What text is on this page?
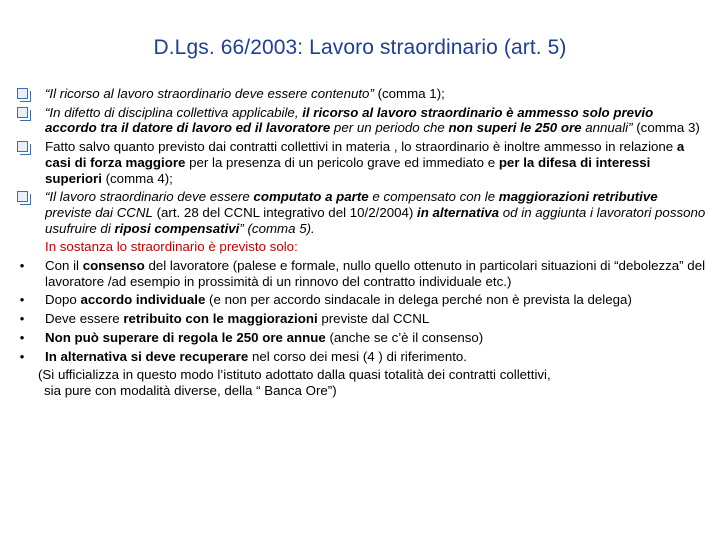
D.Lgs. 66/2003: Lavoro straordinario (art. 5)

“Il ricorso al lavoro straordinario deve essere contenuto” (comma 1);

“In difetto di disciplina collettiva applicabile, il ricorso al lavoro straordinario è ammesso solo previo accordo tra il datore di lavoro ed il lavoratore per un periodo che non superi le 250 ore annuali” (comma 3)

Fatto salvo quanto previsto dai contratti collettivi in materia , lo straordinario è inoltre ammesso in relazione a casi di forza maggiore per la presenza di un pericolo grave ed immediato e per la difesa di interessi superiori (comma 4);

“Il lavoro straordinario deve essere computato a parte e compensato con le maggiorazioni retributive previste dai CCNL (art. 28 del CCNL integrativo del 10/2/2004) in alternativa od in aggiunta i lavoratori possono usufruire di riposi compensativi” (comma 5).

In sostanza lo straordinario è previsto solo:

• Con il consenso del lavoratore (palese e formale, nullo quello ottenuto in particolari situazioni di “debolezza” del lavoratore /ad esempio in prossimità di un rinnovo del contratto individuale etc.)

• Dopo accordo individuale (e non per accordo sindacale in delega perché non è prevista la delega)

• Deve essere retribuito con le maggiorazioni previste dal CCNL

• Non può superare di regola le 250 ore annue (anche se c’è il consenso)

• In alternativa si deve recuperare nel corso dei mesi (4 ) di riferimento.

(Si ufficializza in questo modo l’istituto adottato dalla quasi totalità dei contratti collettivi,
sia pure con modalità diverse, della “ Banca Ore”)
